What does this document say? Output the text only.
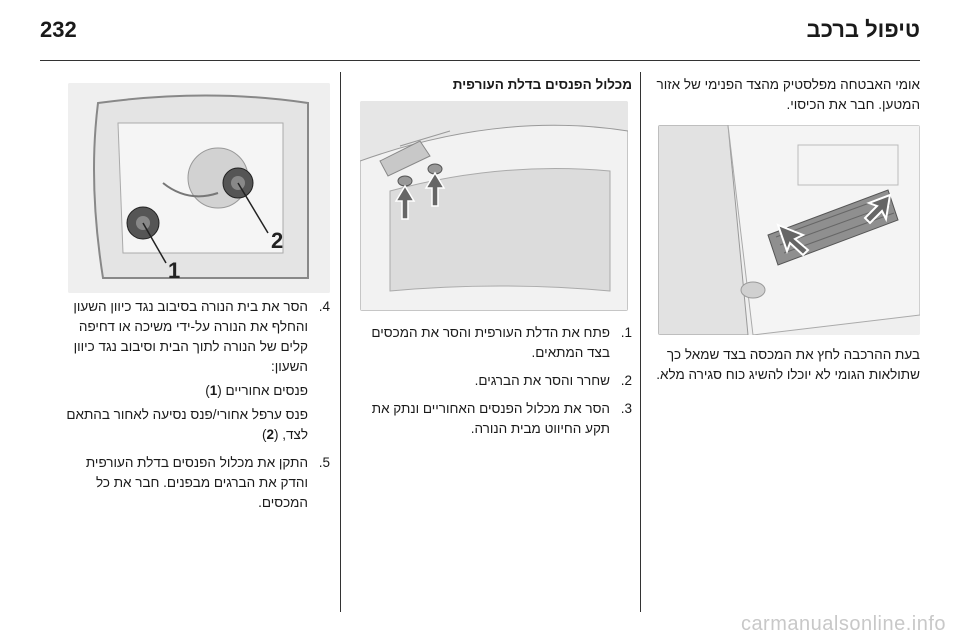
טיפול ברכב
232

אומי האבטחה מפלסטיק מהצד הפנימי של אזור המטען. חבר את הכיסוי.

בעת ההרכבה לחץ את המכסה בצד שמאל כך שתולאות הגומי לא יוכלו להשיג כוח סגירה מלא.

מכלול הפנסים בדלת העורפית
1.
פתח את הדלת העורפית והסר את המכסים בצד המתאים.
2.
שחרר והסר את הברגים.
3.
הסר את מכלול הפנסים האחוריים ונתק את תקע החיווט מבית הנורה.
1
2
4.
הסר את בית הנורה בסיבוב נגד כיוון השעון והחלף את הנורה על-ידי משיכה או דחיפה קלים של הנורה לתוך הבית וסיבוב נגד כיוון השעון:
פנסים אחוריים (1)
פנס ערפל אחורי/פנס נסיעה לאחור בהתאם לצד, (2)
5.
התקן את מכלול הפנסים בדלת העורפית והדק את הברגים מבפנים. חבר את כל המכסים.
carmanualsonline.info
